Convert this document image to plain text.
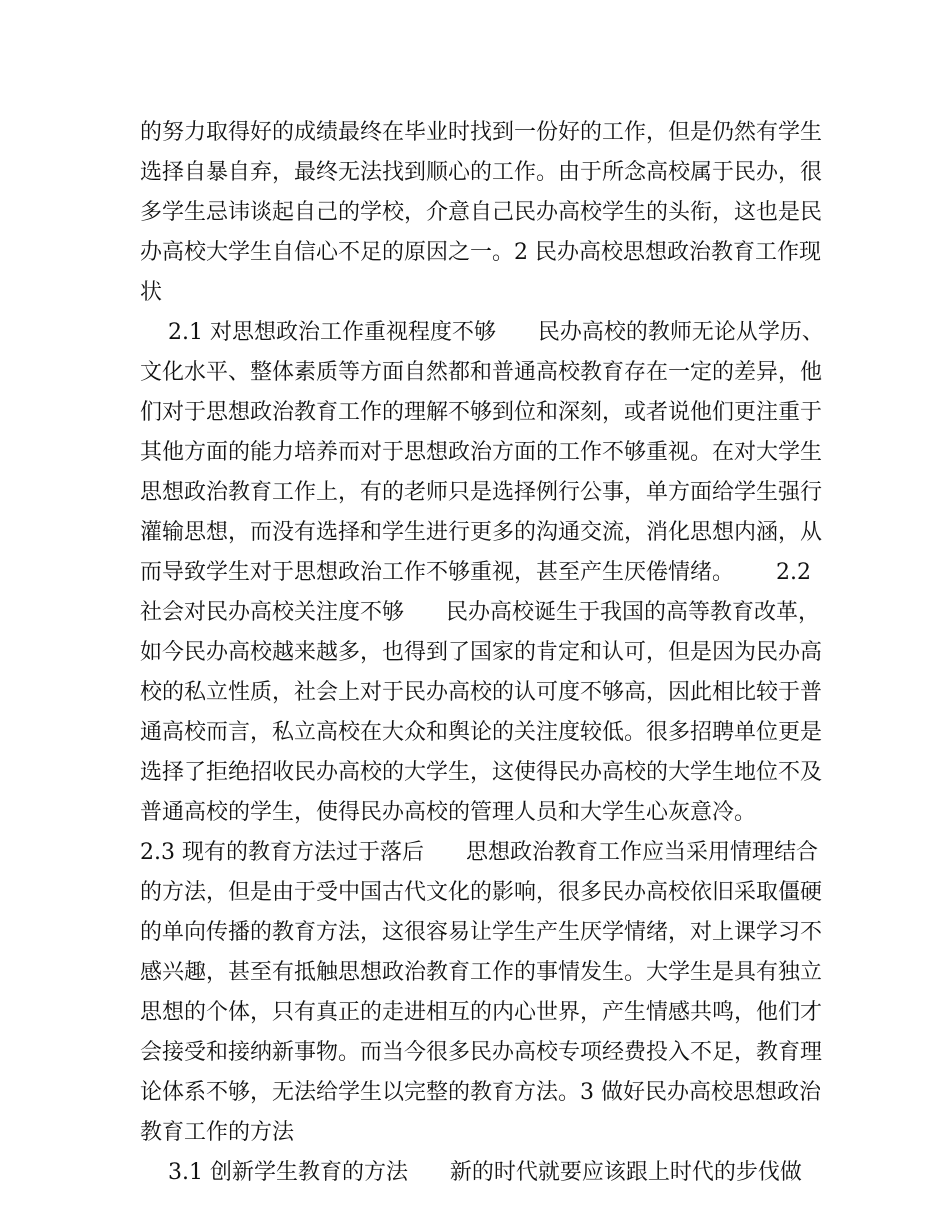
的努力取得好的成绩最终在毕业时找到一份好的工作，但是仍然有学生
选择自暴自弃，最终无法找到顺心的工作。由于所念高校属于民办，很
多学生忌讳谈起自己的学校，介意自己民办高校学生的头衔，这也是民
办高校大学生自信心不足的原因之一。2 民办高校思想政治教育工作现
状
2.1 对思想政治工作重视程度不够      民办高校的教师无论从学历、
文化水平、整体素质等方面自然都和普通高校教育存在一定的差异，他
们对于思想政治教育工作的理解不够到位和深刻，或者说他们更注重于
其他方面的能力培养而对于思想政治方面的工作不够重视。在对大学生
思想政治教育工作上，有的老师只是选择例行公事，单方面给学生强行
灌输思想，而没有选择和学生进行更多的沟通交流，消化思想内涵，从
而导致学生对于思想政治工作不够重视，甚至产生厌倦情绪。      2.2
社会对民办高校关注度不够      民办高校诞生于我国的高等教育改革，
如今民办高校越来越多，也得到了国家的肯定和认可，但是因为民办高
校的私立性质，社会上对于民办高校的认可度不够高，因此相比较于普
通高校而言，私立高校在大众和舆论的关注度较低。很多招聘单位更是
选择了拒绝招收民办高校的大学生，这使得民办高校的大学生地位不及
普通高校的学生，使得民办高校的管理人员和大学生心灰意冷。
2.3 现有的教育方法过于落后      思想政治教育工作应当采用情理结合
的方法，但是由于受中国古代文化的影响，很多民办高校依旧采取僵硬
的单向传播的教育方法，这很容易让学生产生厌学情绪，对上课学习不
感兴趣，甚至有抵触思想政治教育工作的事情发生。大学生是具有独立
思想的个体，只有真正的走进相互的内心世界，产生情感共鸣，他们才
会接受和接纳新事物。而当今很多民办高校专项经费投入不足，教育理
论体系不够，无法给学生以完整的教育方法。3 做好民办高校思想政治
教育工作的方法
3.1 创新学生教育的方法      新的时代就要应该跟上时代的步伐做
